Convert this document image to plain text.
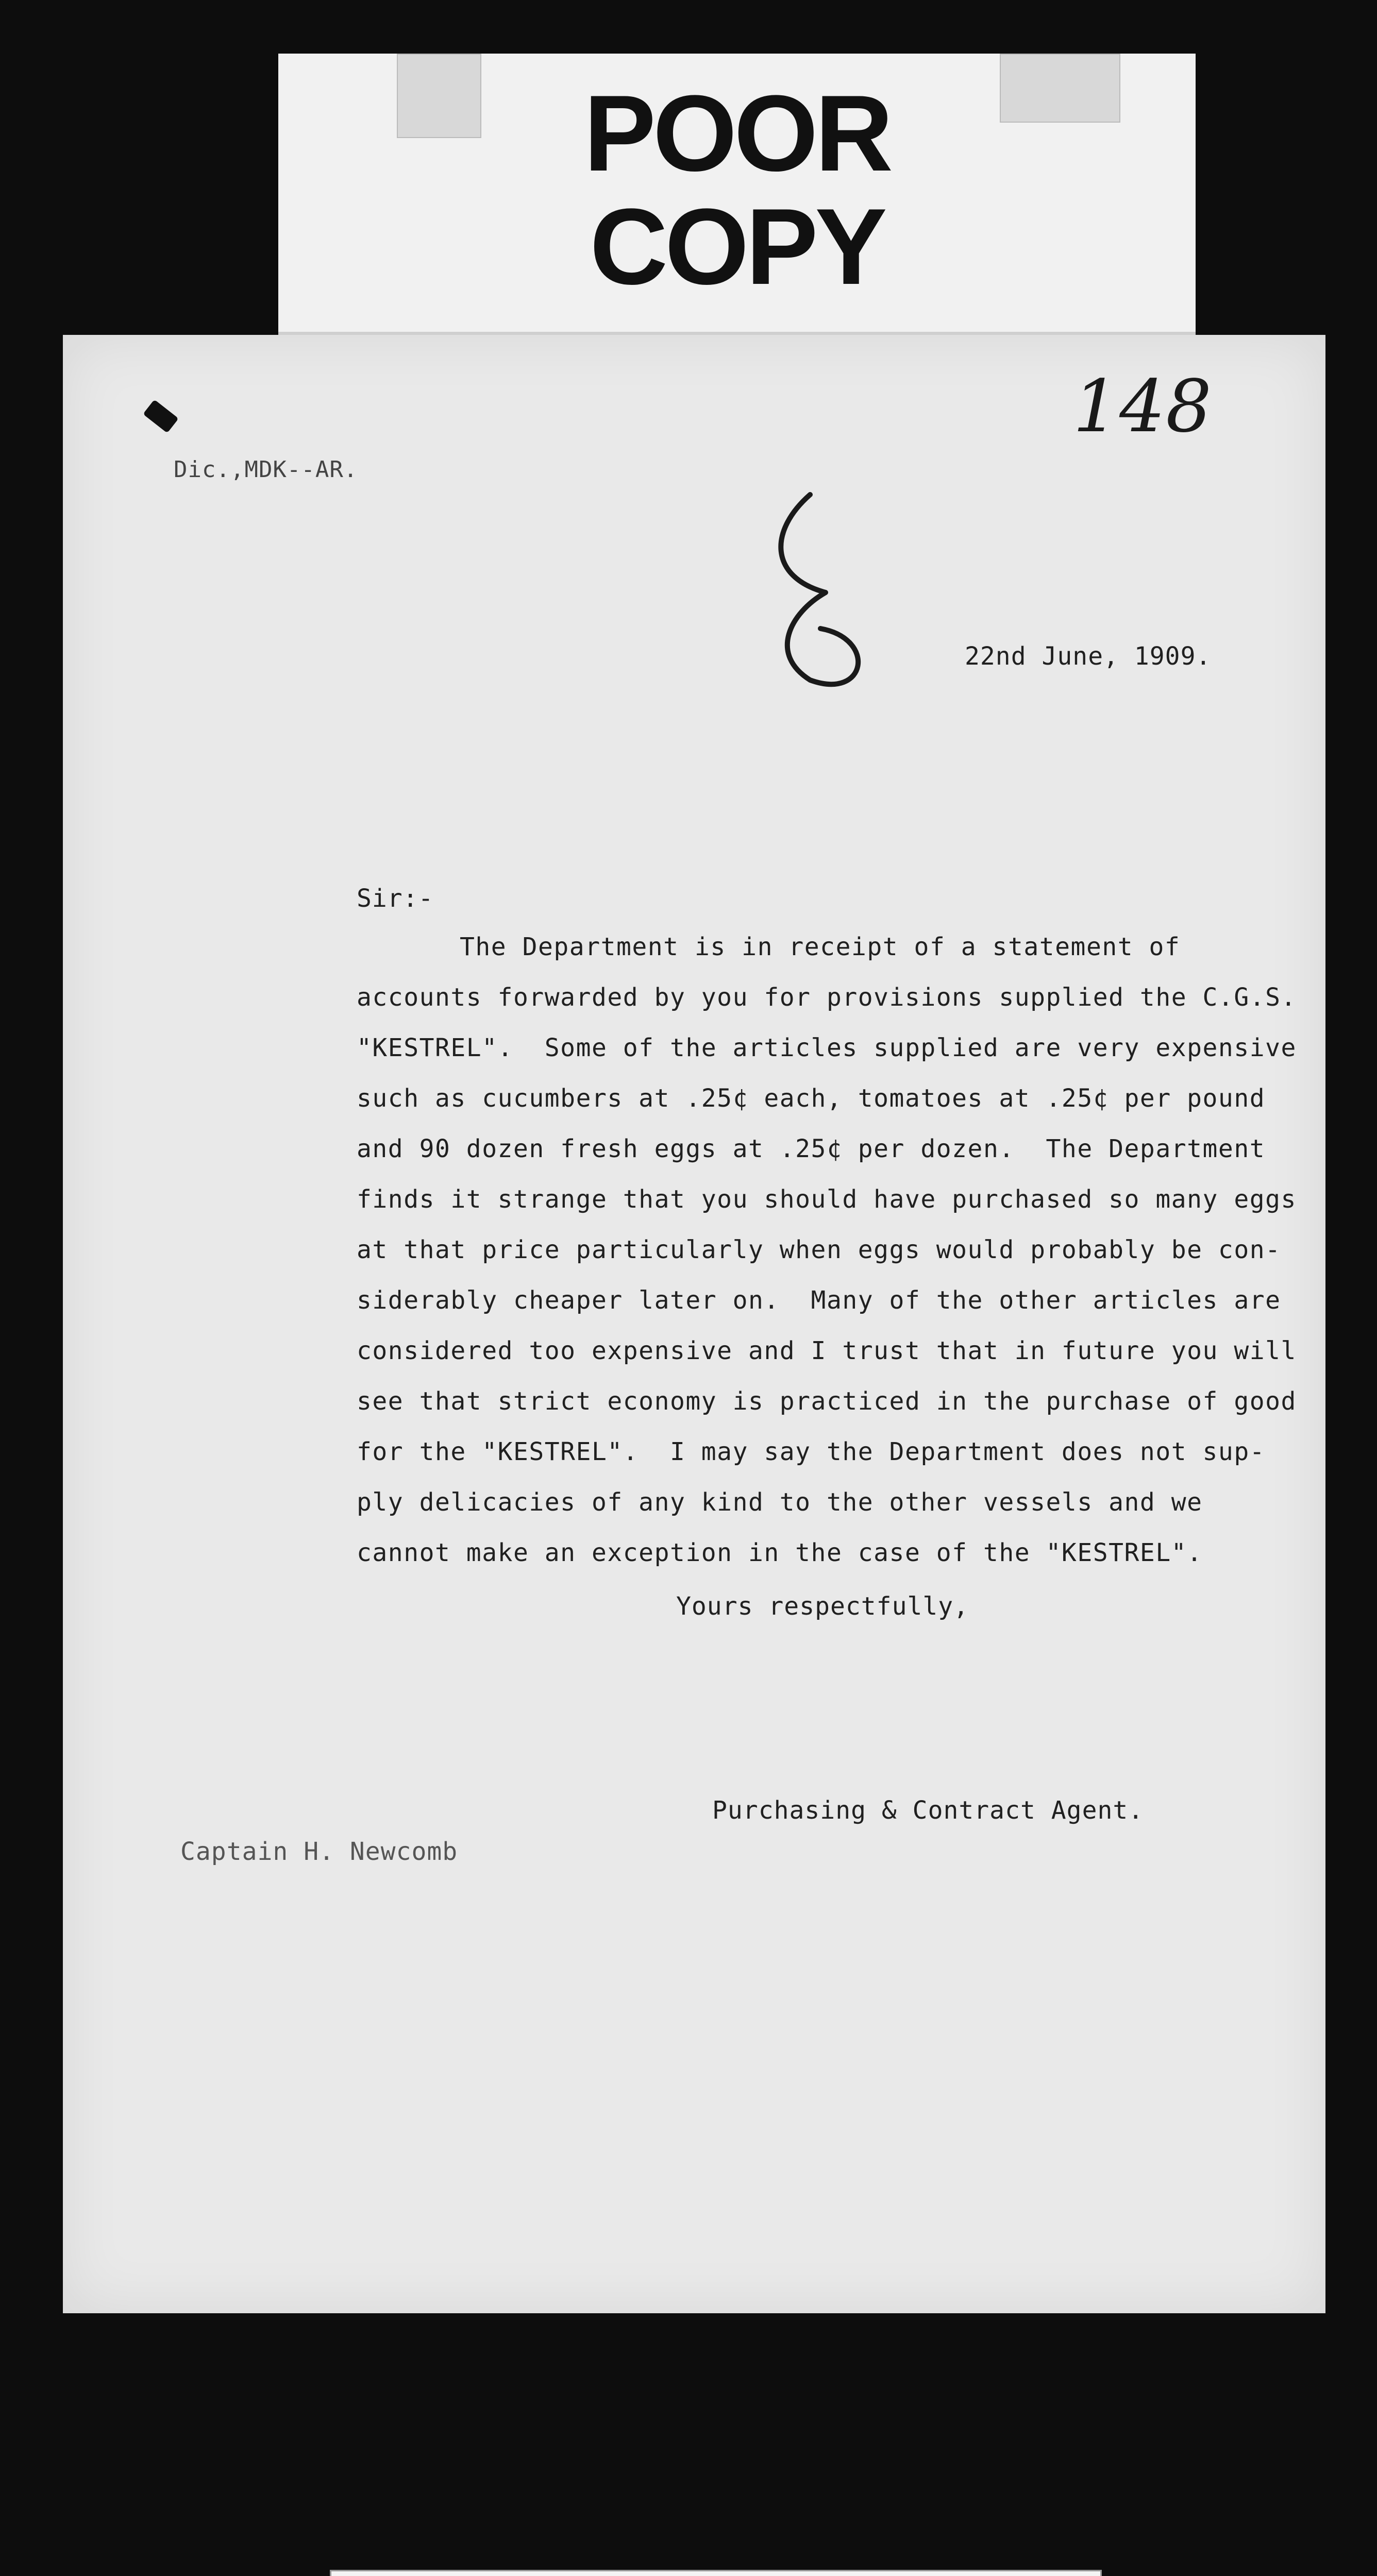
POOR
COPY
Dic.,MDK--AR.
148
22nd June, 1909.
Sir:-
The Department is in receipt of a statement of
accounts forwarded by you for provisions supplied the C.G.S.
"KESTREL".  Some of the articles supplied are very expensive
such as cucumbers at .25¢ each, tomatoes at .25¢ per pound
and 90 dozen fresh eggs at .25¢ per dozen.  The Department
finds it strange that you should have purchased so many eggs
at that price particularly when eggs would probably be con-
siderably cheaper later on.  Many of the other articles are
considered too expensive and I trust that in future you will
see that strict economy is practiced in the purchase of good
for the "KESTREL".  I may say the Department does not sup-
ply delicacies of any kind to the other vessels and we
cannot make an exception in the case of the "KESTREL".
Yours respectfully,
Purchasing & Contract Agent.
Captain H. Newcomb
